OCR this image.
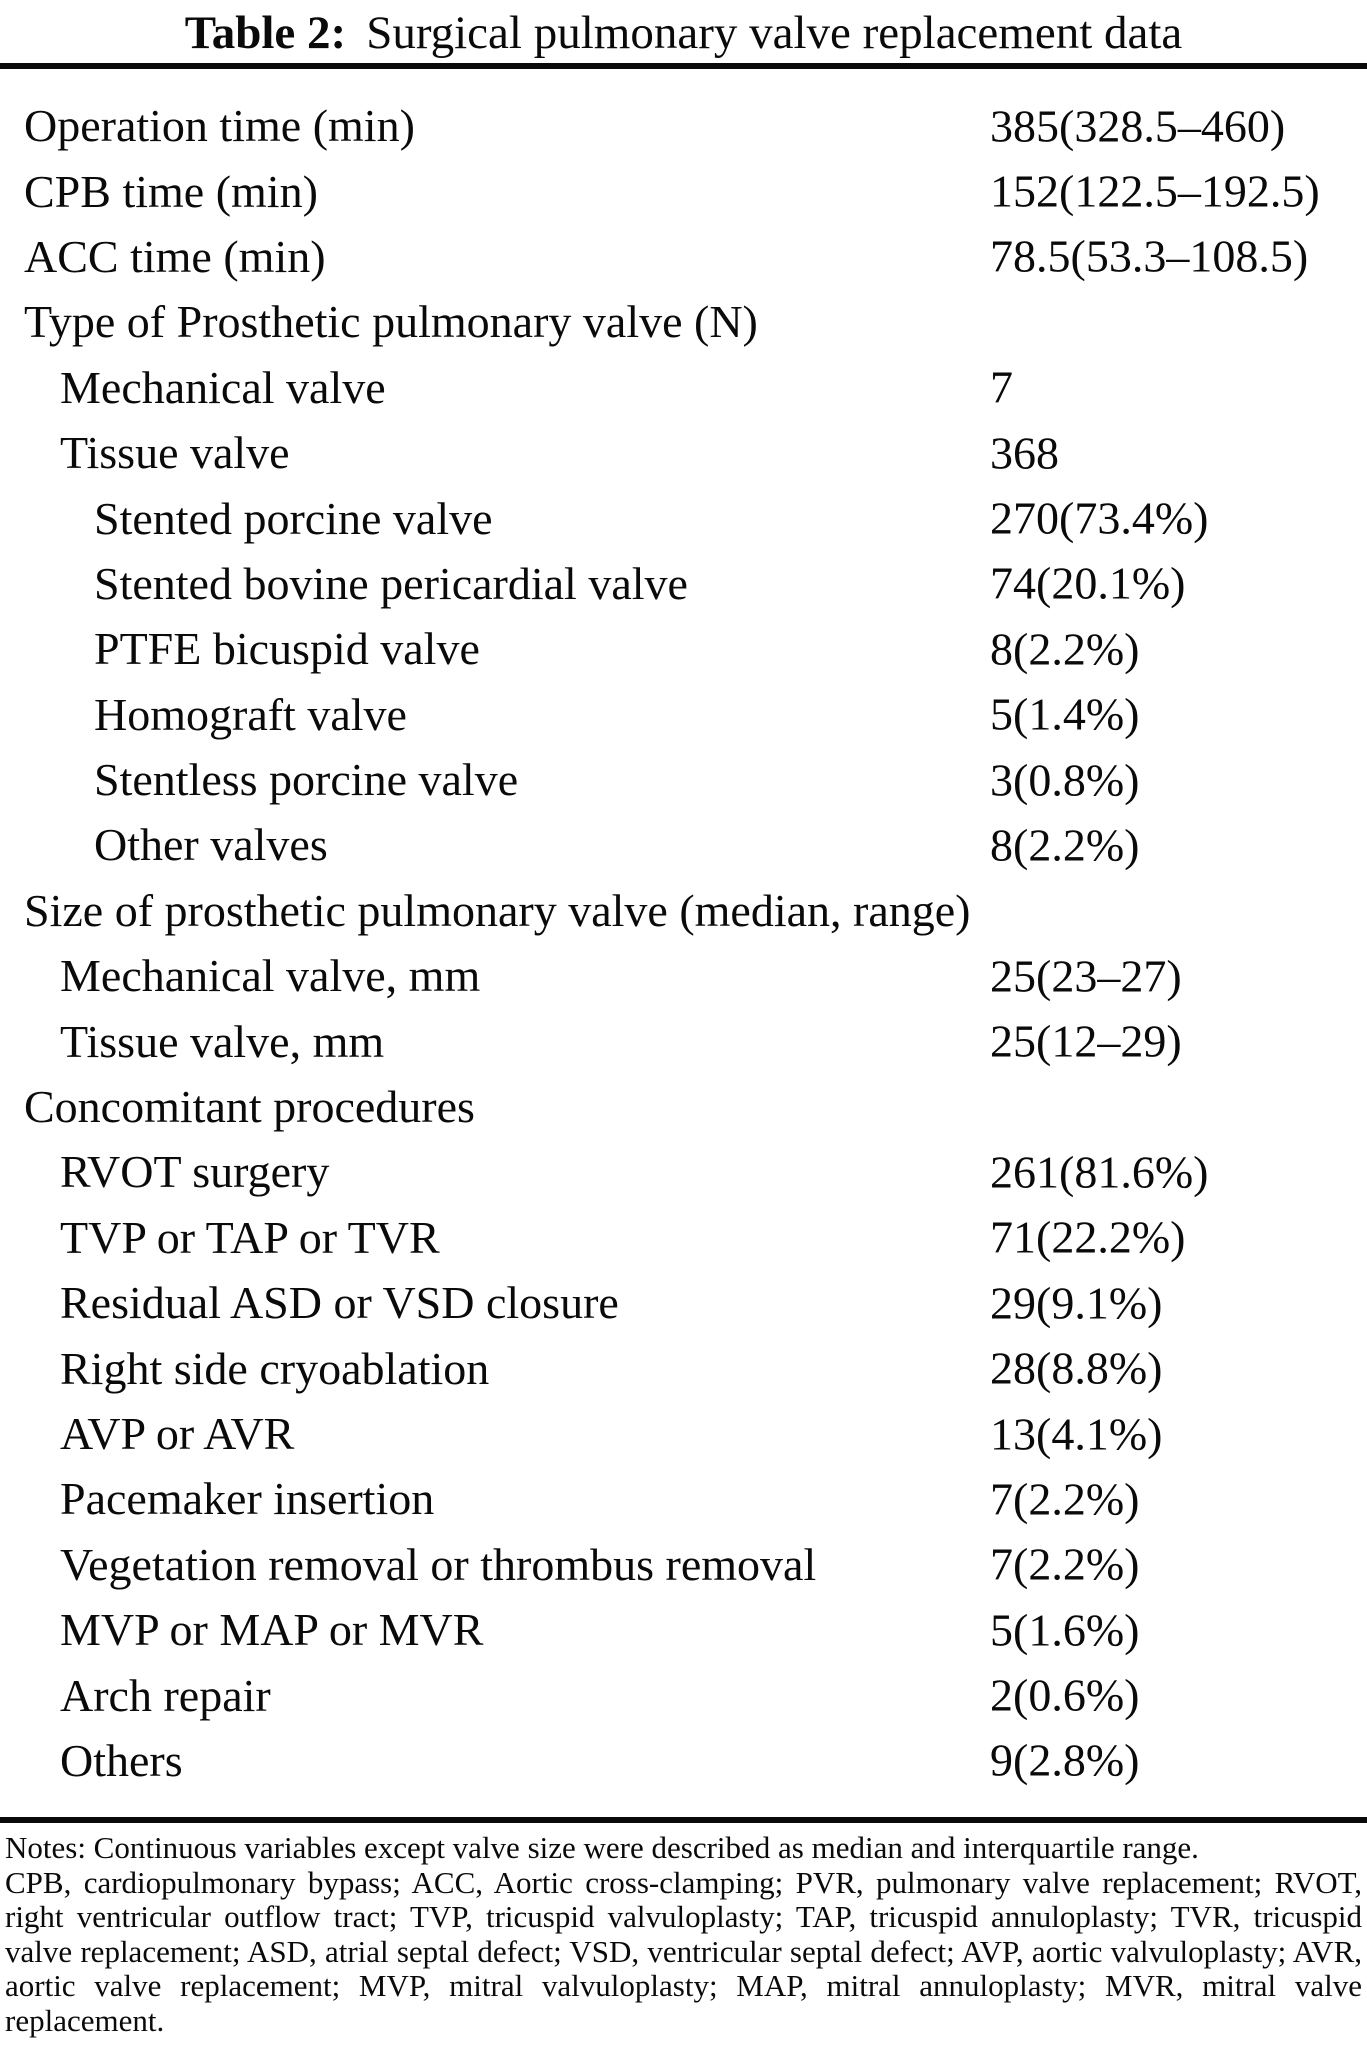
Table 2: Surgical pulmonary valve replacement data
Operation time (min)	385(328.5–460)
CPB time (min)	152(122.5–192.5)
ACC time (min)	78.5(53.3–108.5)
Type of Prosthetic pulmonary valve (N)
Mechanical valve	7
Tissue valve	368
Stented porcine valve	270(73.4%)
Stented bovine pericardial valve	74(20.1%)
PTFE bicuspid valve	8(2.2%)
Homograft valve	5(1.4%)
Stentless porcine valve	3(0.8%)
Other valves	8(2.2%)
Size of prosthetic pulmonary valve (median, range)
Mechanical valve, mm	25(23–27)
Tissue valve, mm	25(12–29)
Concomitant procedures
RVOT surgery	261(81.6%)
TVP or TAP or TVR	71(22.2%)
Residual ASD or VSD closure	29(9.1%)
Right side cryoablation	28(8.8%)
AVP or AVR	13(4.1%)
Pacemaker insertion	7(2.2%)
Vegetation removal or thrombus removal	7(2.2%)
MVP or MAP or MVR	5(1.6%)
Arch repair	2(0.6%)
Others	9(2.8%)
Notes: Continuous variables except valve size were described as median and interquartile range.
CPB, cardiopulmonary bypass; ACC, Aortic cross-clamping; PVR, pulmonary valve replacement; RVOT, right ventricular outflow tract; TVP, tricuspid valvuloplasty; TAP, tricuspid annuloplasty; TVR, tricuspid valve replacement; ASD, atrial septal defect; VSD, ventricular septal defect; AVP, aortic valvuloplasty; AVR, aortic valve replacement; MVP, mitral valvuloplasty; MAP, mitral annuloplasty; MVR, mitral valve replacement.
